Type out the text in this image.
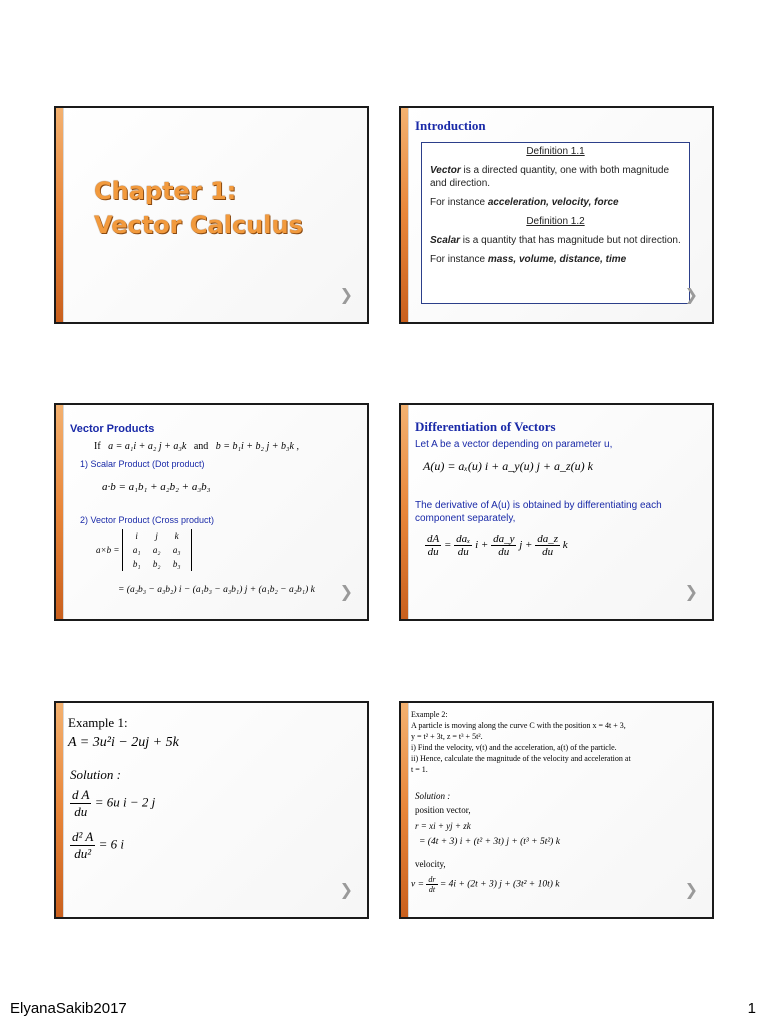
Chapter 1:
Vector Calculus
❯
Introduction

Definition 1.1

Vector is a directed quantity, one with both magnitude and direction.

For instance acceleration, velocity, force

Definition 1.2

Scalar is a quantity that has magnitude but not direction.

For instance mass, volume, distance, time

❯
Vector Products
If a = a₁i + a₂ j + a₃k and b = b₁i + b₂ j + b₃k ,
1) Scalar Product (Dot product)
a·b = a₁b₁ + a₂b₂ + a₃b₃
2) Vector Product (Cross product)
a×b = i j k
a₁ a₂ a₃
b₁ b₂ b₃
= (a₂b₃ − a₃b₂) i − (a₁b₃ − a₃b₁) j + (a₁b₂ − a₂b₁) k ❯
Differentiation of Vectors
Let A be a vector depending on parameter u,
A(u) = aₓ(u) i + a_y(u) j + a_z(u) k
The derivative of A(u) is obtained by differentiating each component separately,
$\frac{dA}{du} = \frac{\text{daₓ}}{du}$ $i + \frac{da\_y}{du}$ $j + \frac{da\_z}{du}$ k
❯
Example 1:
A = 3u²i − 2uj + 5k
Solution :
$\frac{\text{d A}}{du} = 6u$ i − 2 j
$\frac{\text{d² A}}{\text{du²}} = 6$ i
❯
Example 2:
A particle is moving along the curve C with the position x = 4t + 3,
y = t² + 3t, z = t³ + 5t².
i) Find the velocity, v(t) and the acceleration, a(t) of the particle.
ii) Hence, calculate the magnitude of the velocity and acceleration at
t = 1.
Solution :
position vector,
r = xi + yj + zk
= (4t + 3) i + (t² + 3t) j + (t³ + 5t²) k
velocity,
$v = \frac{dr}{dt} = 4i + (2t + 3) j + (3t^2 + 10t)$ k	❯
ElyanaSakib2017	1
